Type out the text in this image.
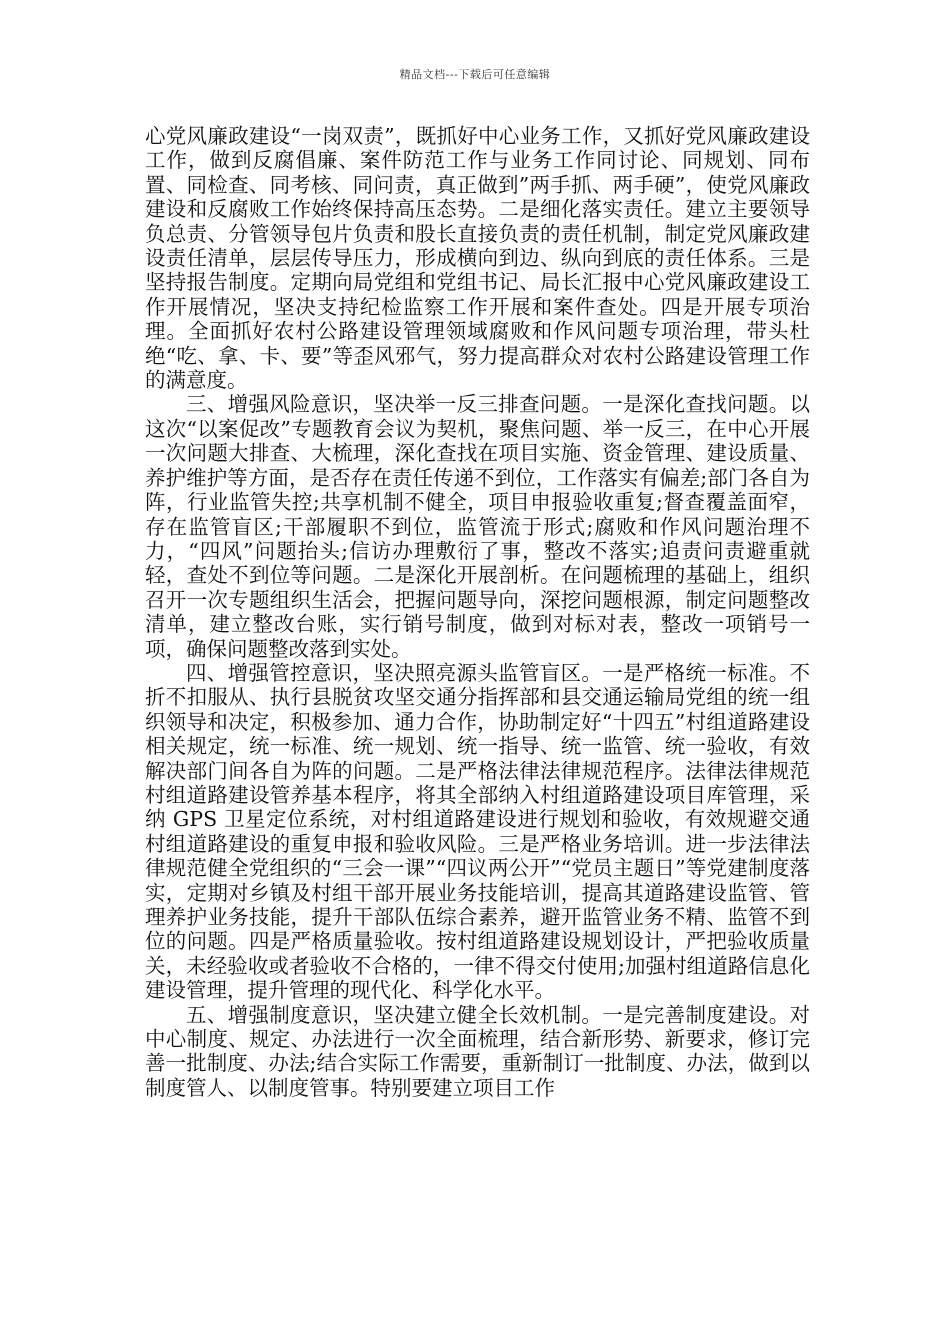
精品文档---下载后可任意编辑

心党风廉政建设“一岗双责”，既抓好中心业务工作，又抓好党风廉政建设工作，做到反腐倡廉、案件防范工作与业务工作同讨论、同规划、同布置、同检查、同考核、同问责，真正做到”两手抓、两手硬”，使党风廉政建设和反腐败工作始终保持高压态势。二是细化落实责任。建立主要领导负总责、分管领导包片负责和股长直接负责的责任机制，制定党风廉政建设责任清单，层层传导压力，形成横向到边、纵向到底的责任体系。三是坚持报告制度。定期向局党组和党组书记、局长汇报中心党风廉政建设工作开展情况，坚决支持纪检监察工作开展和案件查处。四是开展专项治理。全面抓好农村公路建设管理领域腐败和作风问题专项治理，带头杜绝“吃、拿、卡、要”等歪风邪气，努力提高群众对农村公路建设管理工作的满意度。

三、增强风险意识，坚决举一反三排查问题。一是深化查找问题。以这次“以案促改”专题教育会议为契机，聚焦问题、举一反三，在中心开展一次问题大排查、大梳理，深化查找在项目实施、资金管理、建设质量、养护维护等方面，是否存在责任传递不到位，工作落实有偏差;部门各自为阵，行业监管失控;共享机制不健全，项目申报验收重复;督查覆盖面窄，存在监管盲区;干部履职不到位，监管流于形式;腐败和作风问题治理不力，“四风”问题抬头;信访办理敷衍了事，整改不落实;追责问责避重就轻，查处不到位等问题。二是深化开展剖析。在问题梳理的基础上，组织召开一次专题组织生活会，把握问题导向，深挖问题根源，制定问题整改清单，建立整改台账，实行销号制度，做到对标对表，整改一项销号一项，确保问题整改落到实处。

四、增强管控意识，坚决照亮源头监管盲区。一是严格统一标准。不折不扣服从、执行县脱贫攻坚交通分指挥部和县交通运输局党组的统一组织领导和决定，积极参加、通力合作，协助制定好“十四五”村组道路建设相关规定，统一标准、统一规划、统一指导、统一监管、统一验收，有效解决部门间各自为阵的问题。二是严格法律法律规范程序。法律法律规范村组道路建设管养基本程序，将其全部纳入村组道路建设项目库管理，采纳 GPS 卫星定位系统，对村组道路建设进行规划和验收，有效规避交通村组道路建设的重复申报和验收风险。三是严格业务培训。进一步法律法律规范健全党组织的“三会一课”“四议两公开”“党员主题日”等党建制度落实，定期对乡镇及村组干部开展业务技能培训，提高其道路建设监管、管理养护业务技能，提升干部队伍综合素养，避开监管业务不精、监管不到位的问题。四是严格质量验收。按村组道路建设规划设计，严把验收质量关，未经验收或者验收不合格的，一律不得交付使用;加强村组道路信息化建设管理，提升管理的现代化、科学化水平。

五、增强制度意识，坚决建立健全长效机制。一是完善制度建设。对中心制度、规定、办法进行一次全面梳理，结合新形势、新要求，修订完善一批制度、办法;结合实际工作需要，重新制订一批制度、办法，做到以制度管人、以制度管事。特别要建立项目工作
